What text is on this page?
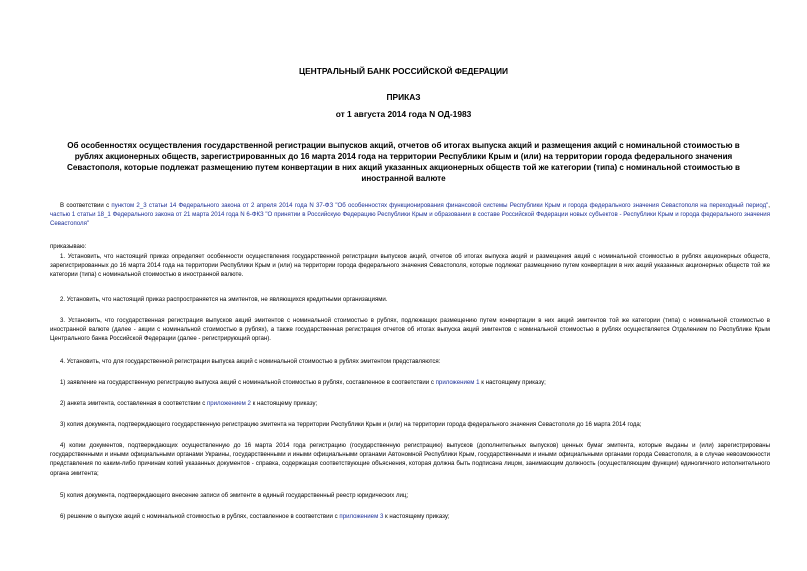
ЦЕНТРАЛЬНЫЙ БАНК РОССИЙСКОЙ ФЕДЕРАЦИИ
ПРИКАЗ
от 1 августа 2014 года N ОД-1983
Об особенностях осуществления государственной регистрации выпусков акций, отчетов об итогах выпуска акций и размещения акций с номинальной стоимостью в рублях акционерных обществ, зарегистрированных до 16 марта 2014 года на территории Республики Крым и (или) на территории города федерального значения Севастополя, которые подлежат размещению путем конвертации в них акций указанных акционерных обществ той же категории (типа) с номинальной стоимостью в иностранной валюте
В соответствии с пунктом 2_3 статьи 14 Федерального закона от 2 апреля 2014 года N 37-ФЗ "Об особенностях функционирования финансовой системы Республики Крым и города федерального значения Севастополя на переходный период", частью 1 статьи 18_1 Федерального закона от 21 марта 2014 года N 6-ФКЗ "О принятии в Российскую Федерацию Республики Крым и образовании в составе Российской Федерации новых субъектов - Республики Крым и города федерального значения Севастополя"
приказываю:
1. Установить, что настоящий приказ определяет особенности осуществления государственной регистрации выпусков акций, отчетов об итогах выпуска акций и размещения акций с номинальной стоимостью в рублях акционерных обществ, зарегистрированных до 16 марта 2014 года на территории Республики Крым и (или) на территории города федерального значения Севастополя, которые подлежат размещению путем конвертации в них акций указанных акционерных обществ той же категории (типа) с номинальной стоимостью в иностранной валюте.
2. Установить, что настоящий приказ распространяется на эмитентов, не являющихся кредитными организациями.
3. Установить, что государственная регистрация выпусков акций эмитентов с номинальной стоимостью в рублях, подлежащих размещению путем конвертации в них акций эмитентов той же категории (типа) с номинальной стоимостью в иностранной валюте (далее - акции с номинальной стоимостью в рублях), а также государственная регистрация отчетов об итогах выпуска акций эмитентов с номинальной стоимостью в рублях осуществляется Отделением по Республике Крым Центрального банка Российской Федерации (далее - регистрирующий орган).
4. Установить, что для государственной регистрации выпуска акций с номинальной стоимостью в рублях эмитентом представляются:
1) заявление на государственную регистрацию выпуска акций с номинальной стоимостью в рублях, составленное в соответствии с приложением 1 к настоящему приказу;
2) анкета эмитента, составленная в соответствии с приложением 2 к настоящему приказу;
3) копия документа, подтверждающего государственную регистрацию эмитента на территории Республики Крым и (или) на территории города федерального значения Севастополя до 16 марта 2014 года;
4) копии документов, подтверждающих осуществленную до 16 марта 2014 года регистрацию (государственную регистрацию) выпусков (дополнительных выпусков) ценных бумаг эмитента, которые выданы и (или) зарегистрированы государственными и иными официальными органами Украины, государственными и иными официальными органами Автономной Республики Крым, государственными и иными официальными органами города Севастополя, а в случае невозможности представления по каким-либо причинам копий указанных документов - справка, содержащая соответствующие объяснения, которая должна быть подписана лицом, занимающим должность (осуществляющим функции) единоличного исполнительного органа эмитента;
5) копия документа, подтверждающего внесение записи об эмитенте в единый государственный реестр юридических лиц;
6) решение о выпуске акций с номинальной стоимостью в рублях, составленное в соответствии с приложением 3 к настоящему приказу;
